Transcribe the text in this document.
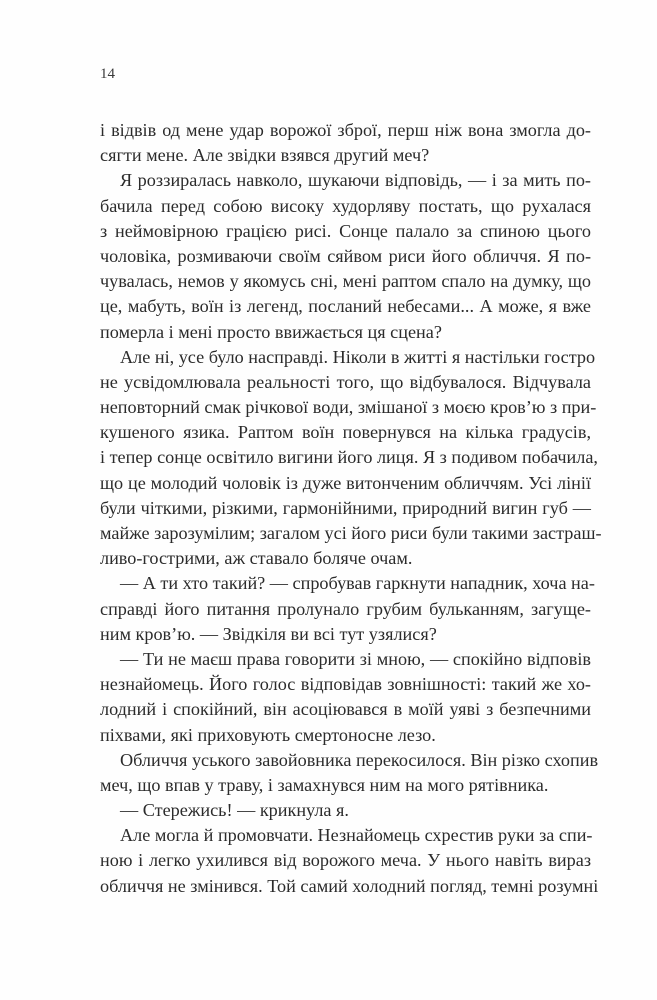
14
і відвів од мене удар ворожої зброї, перш ніж вона змогла до-
сягти мене. Але звідки взявся другий меч?
Я роззиралась навколо, шукаючи відповідь, — і за мить по-
бачила перед собою високу худорляву постать, що рухалася
з неймовірною грацією рисі. Сонце палало за спиною цього
чоловіка, розмиваючи своїм сяйвом риси його обличчя. Я по-
чувалась, немов у якомусь сні, мені раптом спало на думку, що
це, мабуть, воїн із легенд, посланий небесами... А може, я вже
померла і мені просто ввижається ця сцена?
Але ні, усе було насправді. Ніколи в житті я настільки гостро
не усвідомлювала реальності того, що відбувалося. Відчувала
неповторний смак річкової води, змішаної з моєю кров’ю з при-
кушеного язика. Раптом воїн повернувся на кілька градусів,
і тепер сонце освітило вигини його лиця. Я з подивом побачила,
що це молодий чоловік із дуже витонченим обличчям. Усі лінії
були чіткими, різкими, гармонійними, природний вигин губ —
майже зарозумілим; загалом усі його риси були такими застраш-
ливо-гострими, аж ставало боляче очам.
— А ти хто такий? — спробував гаркнути нападник, хоча на-
справді його питання пролунало грубим бульканням, загуще-
ним кров’ю. — Звідкіля ви всі тут узялися?
— Ти не маєш права говорити зі мною, — спокійно відповів
незнайомець. Його голос відповідав зовнішності: такий же хо-
лодний і спокійний, він асоціювався в моїй уяві з безпечними
піхвами, які приховують смертоносне лезо.
Обличчя уського завойовника перекосилося. Він різко схопив
меч, що впав у траву, і замахнувся ним на мого рятівника.
— Стережись! — крикнула я.
Але могла й промовчати. Незнайомець схрестив руки за спи-
ною і легко ухилився від ворожого меча. У нього навіть вираз
обличчя не змінився. Той самий холодний погляд, темні розумні
